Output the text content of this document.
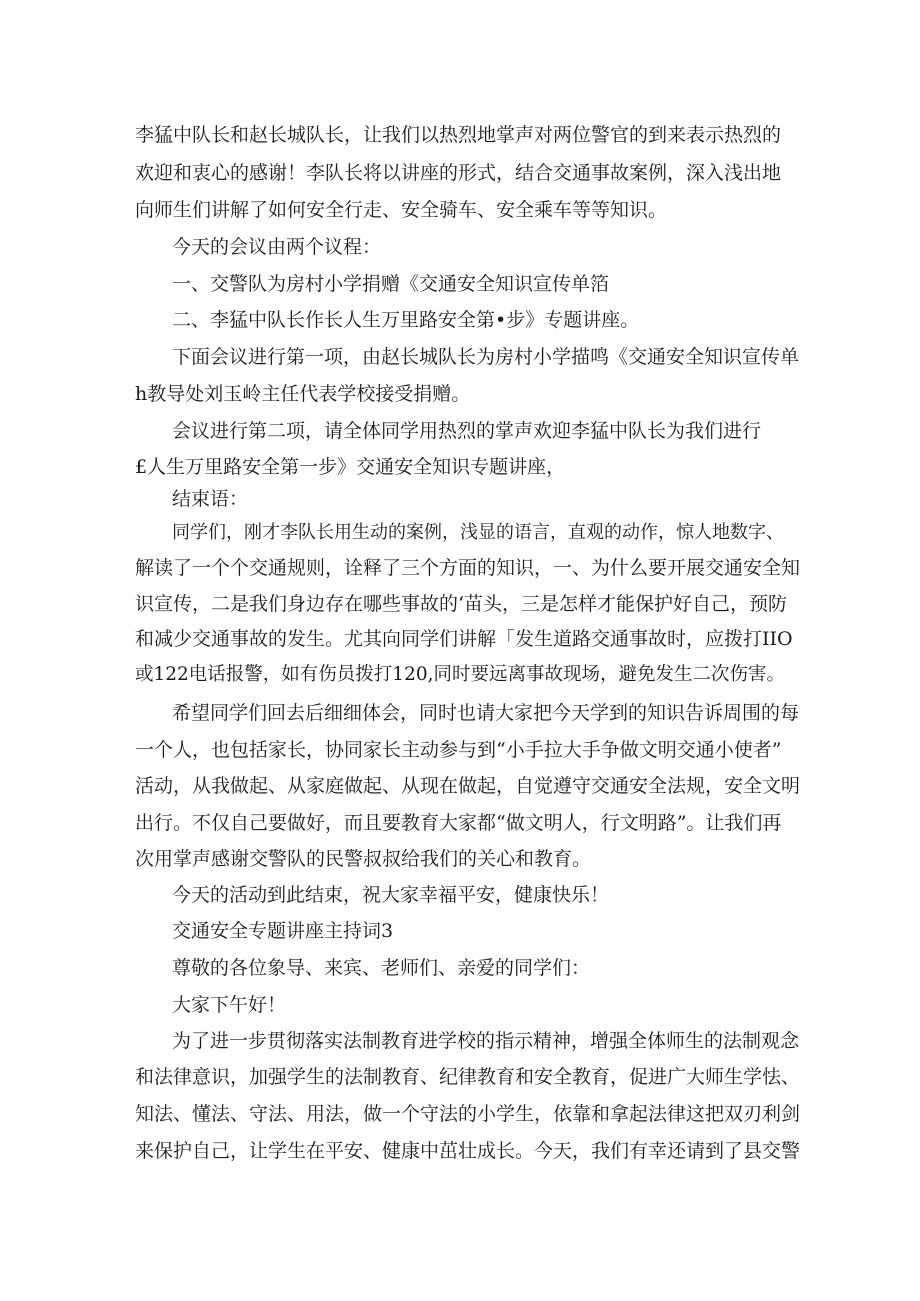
李猛中队长和赵长城队长，让我们以热烈地掌声对两位警官的到来表示热烈的

欢迎和衷心的感谢！李队长将以讲座的形式，结合交通事故案例，深入浅出地

向师生们讲解了如何安全行走、安全骑车、安全乘车等等知识。

今天的会议由两个议程：

一、交警队为房村小学捐赠《交通安全知识宣传单箔

二、李猛中队长作长人生万里路安全第•步》专题讲座。

下面会议进行第一项，由赵长城队长为房村小学描鸣《交通安全知识宣传单

h教导处刘玉岭主任代表学校接受捐赠。

会议进行第二项，请全体同学用热烈的掌声欢迎李猛中队长为我们进行

£人生万里路安全第一步》交通安全知识专题讲座，

结束语：

同学们，刚才李队长用生动的案例，浅显的语言，直观的动作，惊人地数字、

解读了一个个交通规则，诠释了三个方面的知识，一、为什么要开展交通安全知

识宣传，二是我们身边存在哪些事故的‘苗头，三是怎样才能保护好自己，预防

和减少交通事故的发生。尤其向同学们讲解「发生道路交通事故时，应拨打IIO

或122电话报警，如有伤员拨打120,同时要远离事故现场，避免发生二次伤害。

希望同学们回去后细细体会，同时也请大家把今天学到的知识告诉周围的每

一个人，也包括家长，协同家长主动参与到“小手拉大手争做文明交通小使者”

活动，从我做起、从家庭做起、从现在做起，自觉遵守交通安全法规，安全文明

出行。不仅自己要做好，而且要教育大家都“做文明人，行文明路”。让我们再

次用掌声感谢交警队的民警叔叔给我们的关心和教育。

今天的活动到此结束，祝大家幸福平安，健康快乐！

交通安全专题讲座主持词3

尊敬的各位象导、来宾、老师们、亲爱的同学们：

大家下午好！

为了进一步贯彻落实法制教育进学校的指示精神，增强全体师生的法制观念

和法律意识，加强学生的法制教育、纪律教育和安全教育，促进广大师生学怯、

知法、懂法、守法、用法，做一个守法的小学生，依靠和拿起法律这把双刃利剑

来保护自己，让学生在平安、健康中茁壮成长。今天，我们有幸还请到了县交警
